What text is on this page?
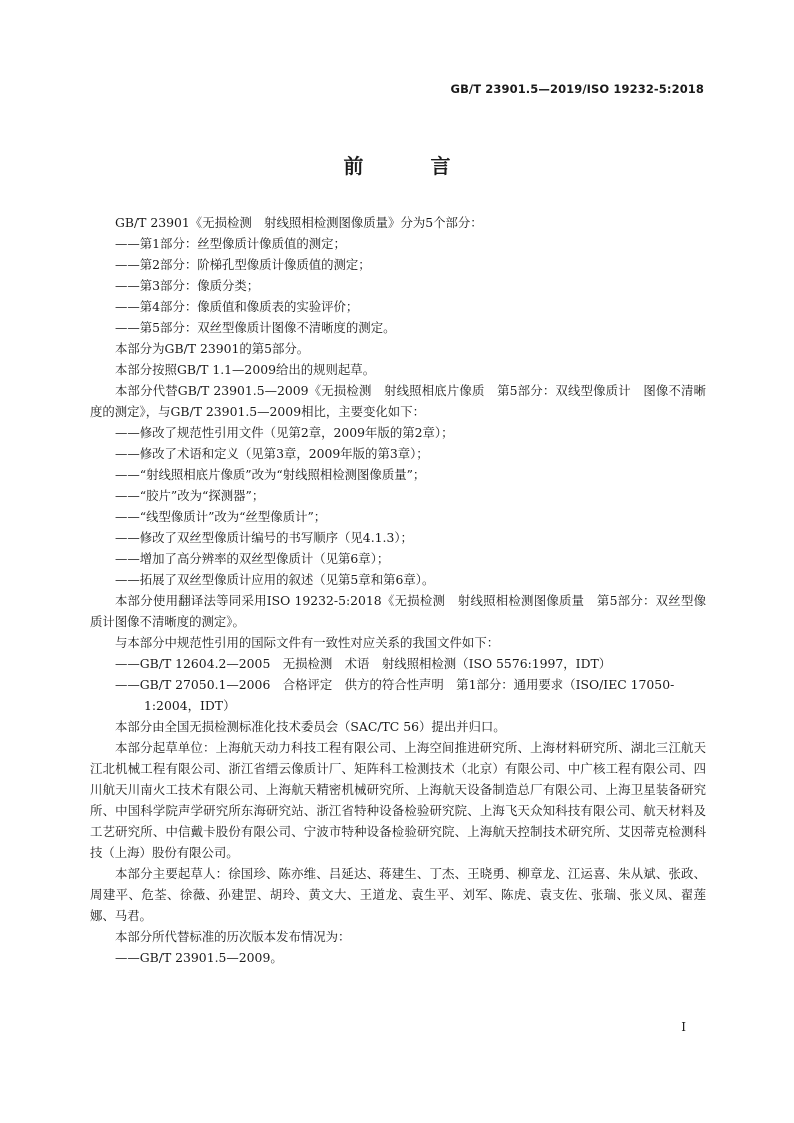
GB/T 23901.5—2019/ISO 19232-5:2018
前 言

GB/T 23901《无损检测　射线照相检测图像质量》分为5个部分：

——第1部分：丝型像质计像质值的测定；

——第2部分：阶梯孔型像质计像质值的测定；

——第3部分：像质分类；

——第4部分：像质值和像质表的实验评价；

——第5部分：双丝型像质计图像不清晰度的测定。

本部分为GB/T 23901的第5部分。

本部分按照GB/T 1.1—2009给出的规则起草。

本部分代替GB/T 23901.5—2009《无损检测　射线照相底片像质　第5部分：双线型像质计　图像不清晰度的测定》，与GB/T 23901.5—2009相比，主要变化如下：

——修改了规范性引用文件（见第2章，2009年版的第2章）；

——修改了术语和定义（见第3章，2009年版的第3章）；

——“射线照相底片像质”改为“射线照相检测图像质量”；

——“胶片”改为“探测器”；

——“线型像质计”改为“丝型像质计”；

——修改了双丝型像质计编号的书写顺序（见4.1.3）；

——增加了高分辨率的双丝型像质计（见第6章）；

——拓展了双丝型像质计应用的叙述（见第5章和第6章）。

本部分使用翻译法等同采用ISO 19232-5:2018《无损检测　射线照相检测图像质量　第5部分：双丝型像质计图像不清晰度的测定》。

与本部分中规范性引用的国际文件有一致性对应关系的我国文件如下：

——GB/T 12604.2—2005　无损检测　术语　射线照相检测（ISO 5576:1997，IDT）

——GB/T 27050.1—2006　合格评定　供方的符合性声明　第1部分：通用要求（ISO/IEC 17050-1:2004，IDT）

本部分由全国无损检测标准化技术委员会（SAC/TC 56）提出并归口。

本部分起草单位：上海航天动力科技工程有限公司、上海空间推进研究所、上海材料研究所、湖北三江航天江北机械工程有限公司、浙江省缙云像质计厂、矩阵科工检测技术（北京）有限公司、中广核工程有限公司、四川航天川南火工技术有限公司、上海航天精密机械研究所、上海航天设备制造总厂有限公司、上海卫星装备研究所、中国科学院声学研究所东海研究站、浙江省特种设备检验研究院、上海飞天众知科技有限公司、航天材料及工艺研究所、中信戴卡股份有限公司、宁波市特种设备检验研究院、上海航天控制技术研究所、艾因蒂克检测科技（上海）股份有限公司。

本部分主要起草人：徐国珍、陈亦维、吕延达、蒋建生、丁杰、王晓勇、柳章龙、江运喜、朱从斌、张政、周建平、危荃、徐薇、孙建罡、胡玲、黄文大、王道龙、袁生平、刘军、陈虎、袁支佐、张瑞、张义凤、翟莲娜、马君。

本部分所代替标准的历次版本发布情况为：

——GB/T 23901.5—2009。

I
